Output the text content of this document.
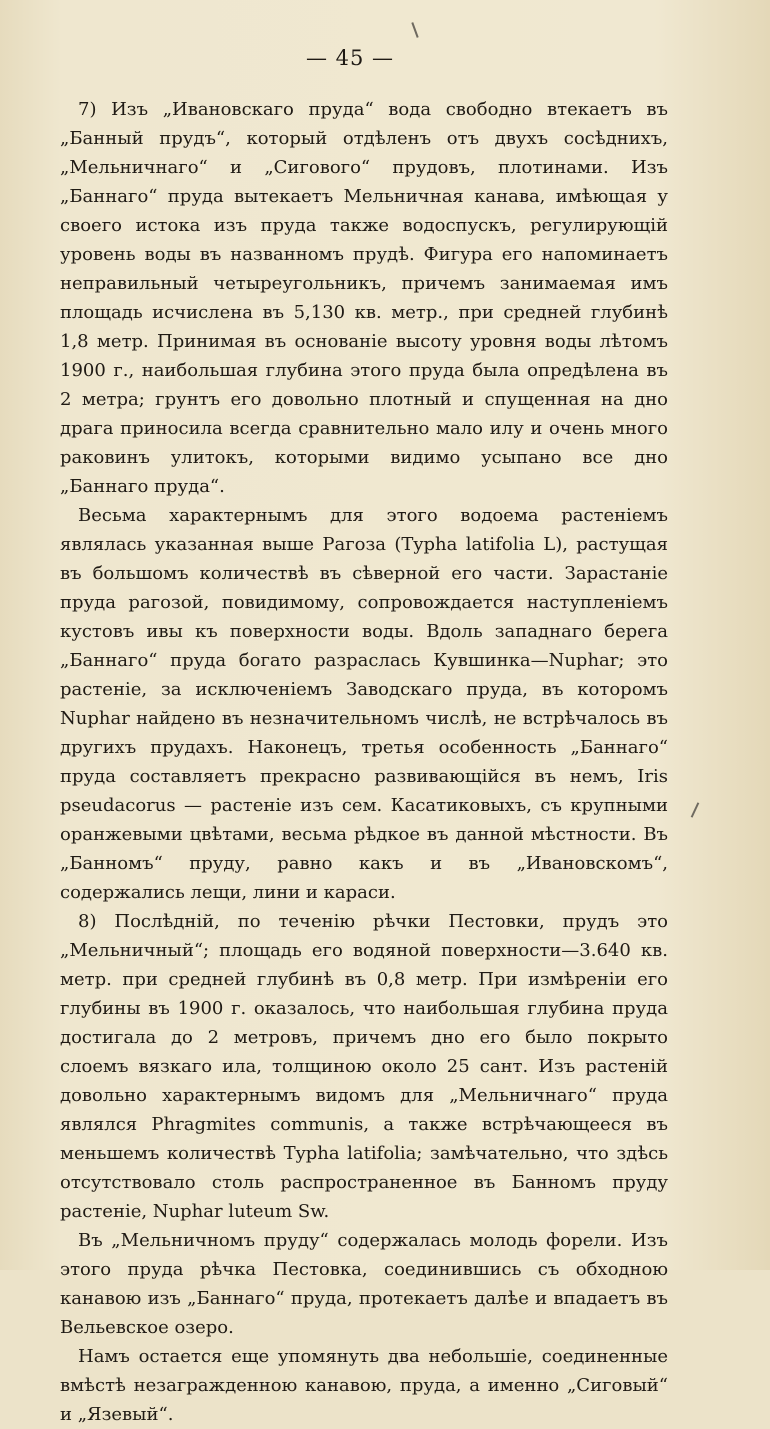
— 45 —

7) Изъ „Ивановскаго пруда“ вода свободно втекаетъ въ „Банный прудъ“, который отдѣленъ отъ двухъ сосѣднихъ, „Мельничнаго“ и „Сигового“ прудовъ, плотинами. Изъ „Баннаго“ пруда вытекаетъ Мельничная канава, имѣющая у своего истока изъ пруда также водоспускъ, регулирующій уровень воды въ названномъ прудѣ. Фигура его напоминаетъ неправильный четыреугольникъ, причемъ занимаемая имъ площадь исчислена въ 5,130 кв. метр., при средней глубинѣ 1,8 метр. Принимая въ основаніе высоту уровня воды лѣтомъ 1900 г., наибольшая глубина этого пруда была опредѣлена въ 2 метра; грунтъ его довольно плотный и спущенная на дно драга приносила всегда сравнительно мало илу и очень много раковинъ улитокъ, которыми видимо усыпано все дно „Баннаго пруда“.

Весьма характернымъ для этого водоема растеніемъ являлась указанная выше Рагоза (Typha latifolia L), растущая въ большомъ количествѣ въ сѣверной его части. Зарастаніе пруда рагозой, повидимому, сопровождается наступленіемъ кустовъ ивы къ поверхности воды. Вдоль западнаго берега „Баннаго“ пруда богато разраслась Кувшинка—Nuphar; это растеніе, за исключеніемъ Заводскаго пруда, въ которомъ Nuphar найдено въ незначительномъ числѣ, не встрѣчалось въ другихъ прудахъ. Наконецъ, третья особенность „Баннаго“ пруда составляетъ прекрасно развивающійся въ немъ, Iris pseudacorus — растеніе изъ сем. Касатиковыхъ, съ крупными оранжевыми цвѣтами, весьма рѣдкое въ данной мѣстности. Въ „Банномъ“ пруду, равно какъ и въ „Ивановскомъ“, содержались лещи, лини и караси.

8) Послѣдній, по теченію рѣчки Пестовки, прудъ это „Мельничный“; площадь его водяной поверхности—3.640 кв. метр. при средней глубинѣ въ 0,8 метр. При измѣреніи его глубины въ 1900 г. оказалось, что наибольшая глубина пруда достигала до 2 метровъ, причемъ дно его было покрыто слоемъ вязкаго ила, толщиною около 25 сант. Изъ растеній довольно характернымъ видомъ для „Мельничнаго“ пруда являлся Phragmites communis, а также встрѣчающееся въ меньшемъ количествѣ Typha latifolia; замѣчательно, что здѣсь отсутствовало столь распространенное въ Банномъ пруду растеніе, Nuphar luteum Sw.

Въ „Мельничномъ пруду“ содержалась молодь форели. Изъ этого пруда рѣчка Пестовка, соединившись съ обходною канавою изъ „Баннаго“ пруда, протекаетъ далѣе и впадаетъ въ Вельевское озеро.

Намъ остается еще упомянуть два небольшіе, соединенные вмѣстѣ незагражденною канавою, пруда, а именно „Сиговый“ и „Язевый“.
